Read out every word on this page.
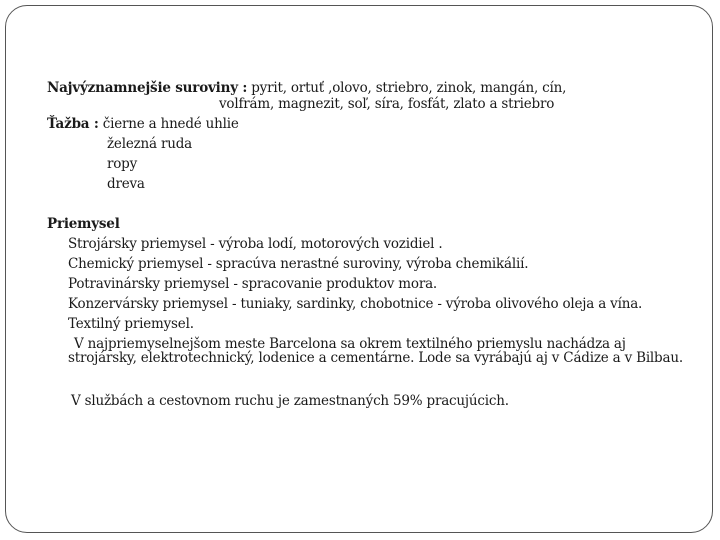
Najvýznamnejšie suroviny : pyrit, ortuť ,olovo, striebro, zinok, mangán, cín,
volfrám, magnezit, soľ, síra, fosfát, zlato a striebro
Ťažba : čierne a hnedé uhlie
železná ruda
ropy
dreva
Priemysel
Strojársky priemysel - výroba lodí, motorových vozidiel .
Chemický priemysel - spracúva nerastné suroviny, výroba chemikálií.
Potravinársky priemysel - spracovanie produktov mora.
Konzervársky priemysel - tuniaky, sardinky, chobotnice - výroba olivového oleja a vína.
Textilný priemysel.
V najpriemyselnejšom meste Barcelona sa okrem textilného priemyslu nachádza aj
strojársky, elektrotechnický, lodenice a cementárne. Lode sa vyrábajú aj v Cádize a v Bilbau.
V službách a cestovnom ruchu je zamestnaných 59% pracujúcich.
